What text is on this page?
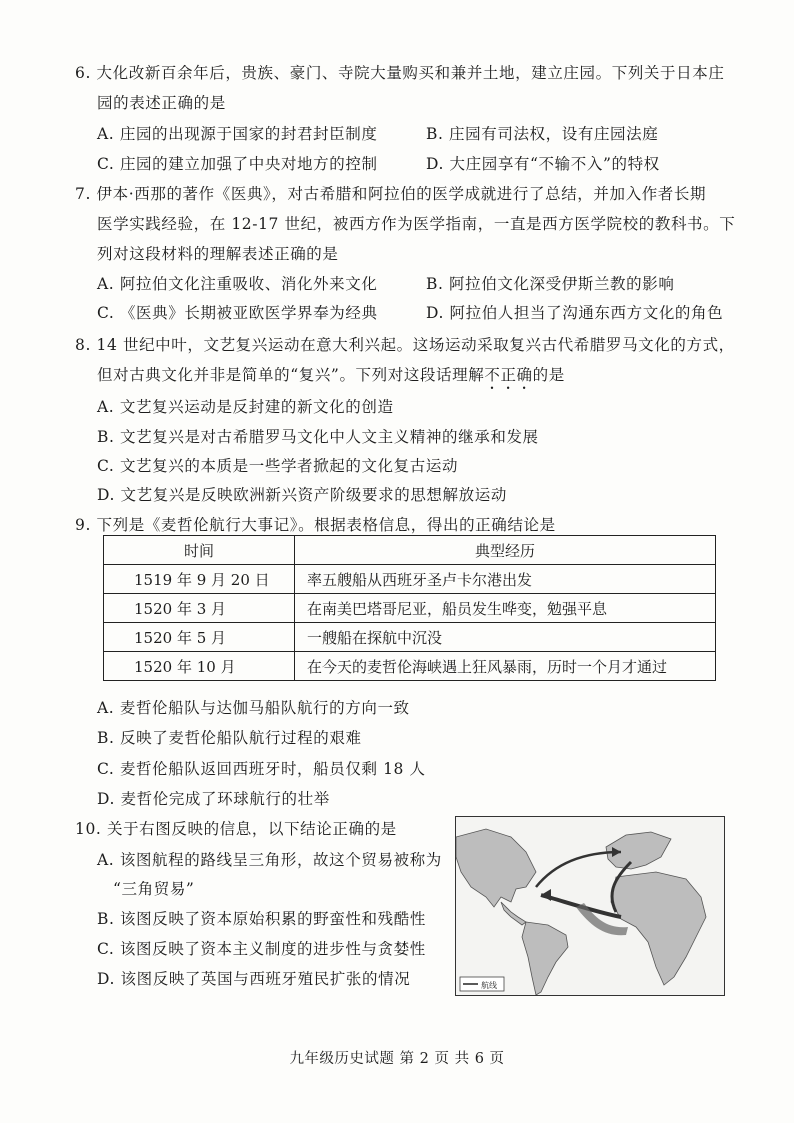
6. 大化改新百余年后，贵族、豪门、寺院大量购买和兼并土地，建立庄园。下列关于日本庄
园的表述正确的是
A. 庄园的出现源于国家的封君封臣制度	B. 庄园有司法权，设有庄园法庭
C. 庄园的建立加强了中央对地方的控制	D. 大庄园享有“不输不入”的特权
7. 伊本·西那的著作《医典》，对古希腊和阿拉伯的医学成就进行了总结，并加入作者长期
医学实践经验，在 12-17 世纪，被西方作为医学指南，一直是西方医学院校的教科书。下
列对这段材料的理解表述正确的是
A. 阿拉伯文化注重吸收、消化外来文化	B. 阿拉伯文化深受伊斯兰教的影响
C. 《医典》长期被亚欧医学界奉为经典	D. 阿拉伯人担当了沟通东西方文化的角色
8. 14 世纪中叶，文艺复兴运动在意大利兴起。这场运动采取复兴古代希腊罗马文化的方式，
但对古典文化并非是简单的“复兴”。下列对这段话理解不正确的是
A. 文艺复兴运动是反封建的新文化的创造
B. 文艺复兴是对古希腊罗马文化中人文主义精神的继承和发展
C. 文艺复兴的本质是一些学者掀起的文化复古运动
D. 文艺复兴是反映欧洲新兴资产阶级要求的思想解放运动
9. 下列是《麦哲伦航行大事记》。根据表格信息，得出的正确结论是
时间	典型经历
1519 年 9 月 20 日	率五艘船从西班牙圣卢卡尔港出发
1520 年 3 月	在南美巴塔哥尼亚，船员发生哗变，勉强平息
1520 年 5 月	一艘船在探航中沉没
1520 年 10 月	在今天的麦哲伦海峡遇上狂风暴雨，历时一个月才通过
A. 麦哲伦船队与达伽马船队航行的方向一致
B. 反映了麦哲伦船队航行过程的艰难
C. 麦哲伦船队返回西班牙时，船员仅剩 18 人
D. 麦哲伦完成了环球航行的壮举
10. 关于右图反映的信息，以下结论正确的是
A. 该图航程的路线呈三角形，故这个贸易被称为
“三角贸易”
B. 该图反映了资本原始积累的野蛮性和残酷性
C. 该图反映了资本主义制度的进步性与贪婪性
D. 该图反映了英国与西班牙殖民扩张的情况	航线
九年级历史试题 第 2 页 共 6 页
